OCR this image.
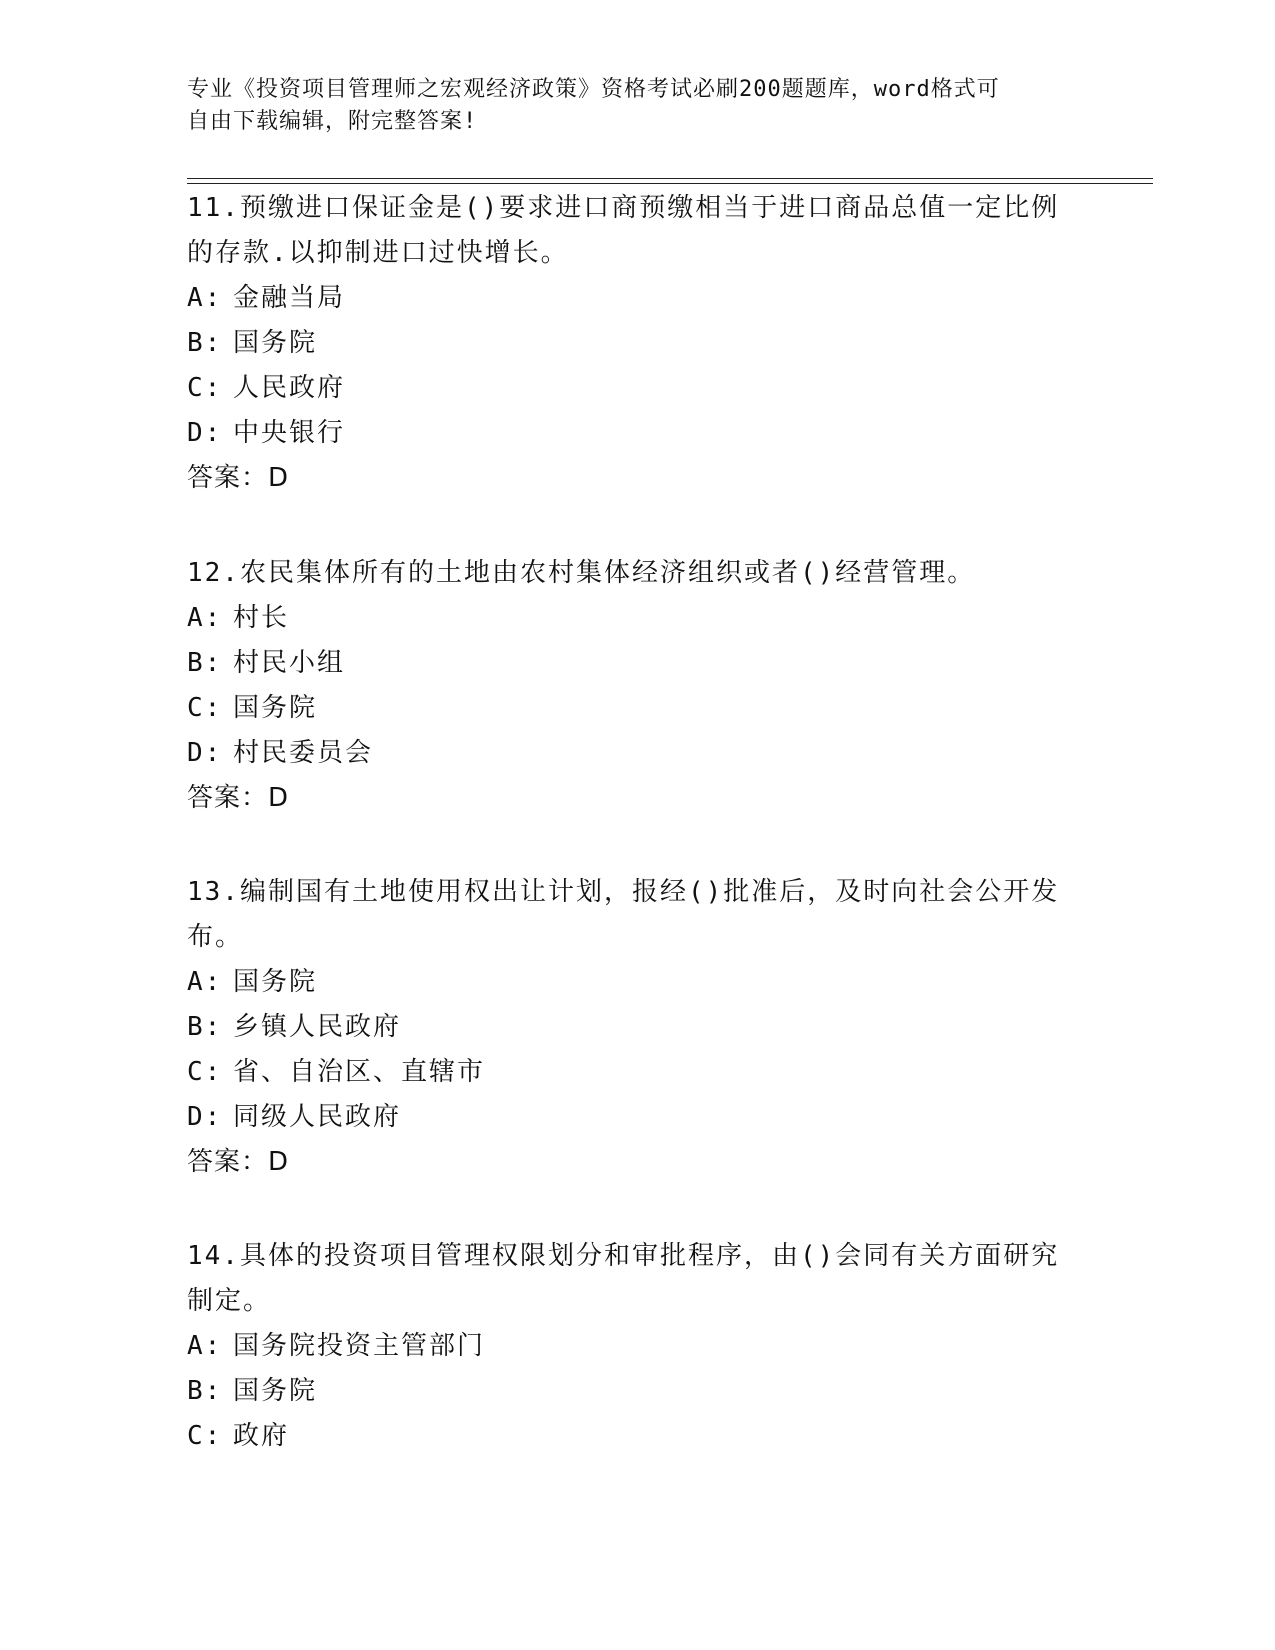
专业《投资项目管理师之宏观经济政策》资格考试必刷200题题库，word格式可
自由下载编辑，附完整答案!

11.预缴进口保证金是()要求进口商预缴相当于进口商品总值一定比例

的存款.以抑制进口过快增长。

A: 金融当局

B: 国务院

C: 人民政府

D: 中央银行

答案：D

12.农民集体所有的土地由农村集体经济组织或者()经营管理。

A: 村长

B: 村民小组

C: 国务院

D: 村民委员会

答案：D

13.编制国有土地使用权出让计划，报经()批准后，及时向社会公开发

布。

A: 国务院

B: 乡镇人民政府

C: 省、自治区、直辖市

D: 同级人民政府

答案：D

14.具体的投资项目管理权限划分和审批程序，由()会同有关方面研究

制定。

A: 国务院投资主管部门

B: 国务院

C: 政府
